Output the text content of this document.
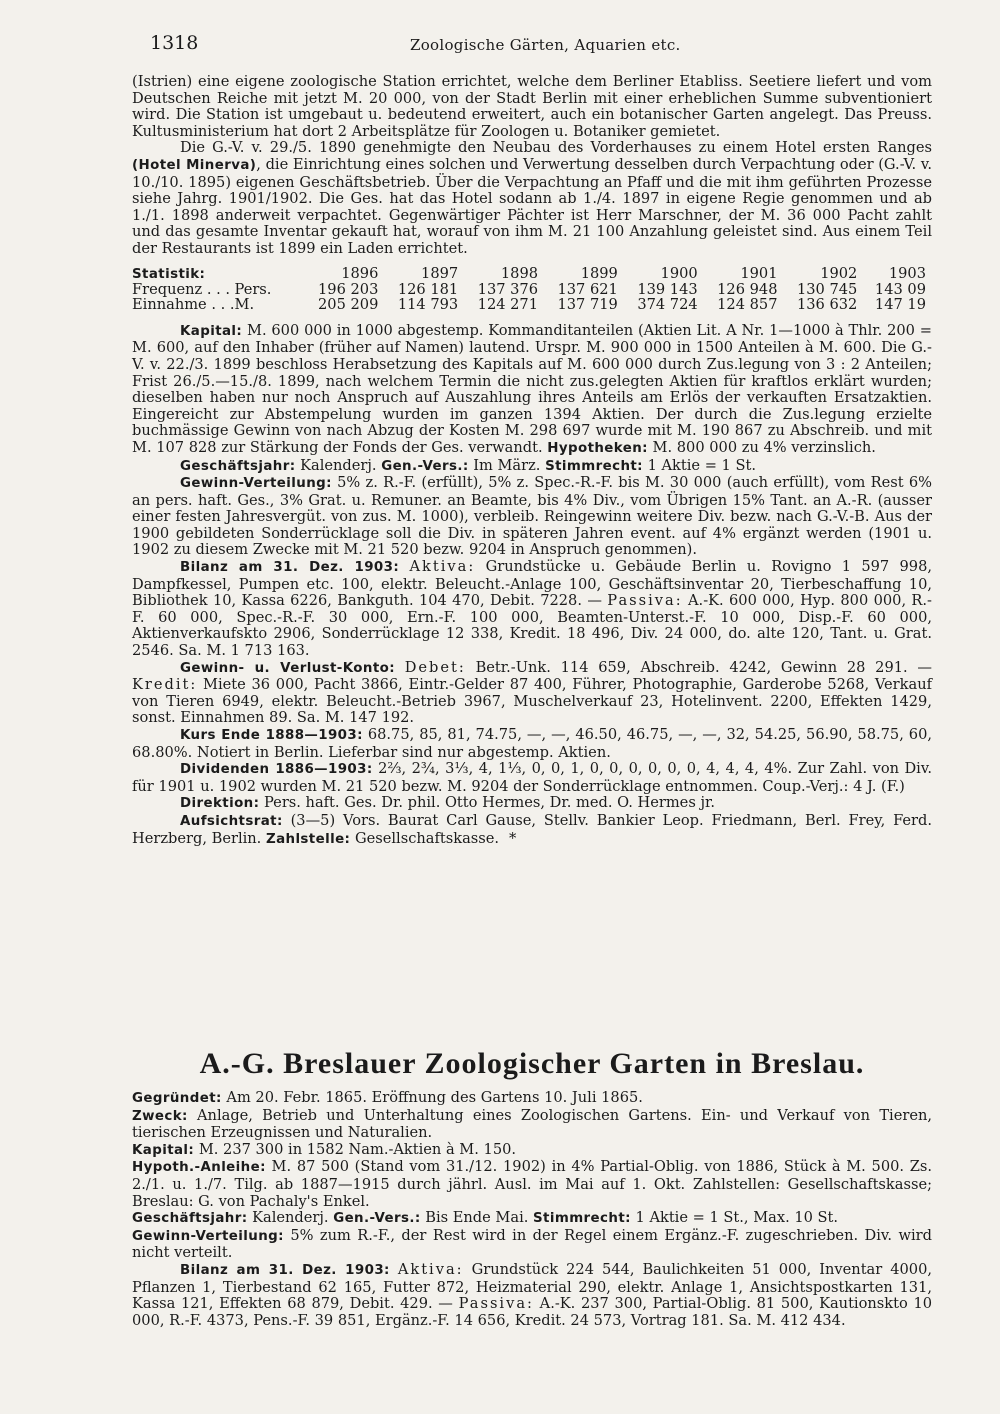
1318	Zoologische Gärten, Aquarien etc.

(Istrien) eine eigene zoologische Station errichtet, welche dem Berliner Etabliss. Seetiere liefert und vom Deutschen Reiche mit jetzt M. 20 000, von der Stadt Berlin mit einer erheblichen Summe subventioniert wird. Die Station ist umgebaut u. bedeutend erweitert, auch ein botanischer Garten angelegt. Das Preuss. Kultusministerium hat dort 2 Arbeitsplätze für Zoologen u. Botaniker gemietet.

Die G.-V. v. 29./5. 1890 genehmigte den Neubau des Vorderhauses zu einem Hotel ersten Ranges (Hotel Minerva), die Einrichtung eines solchen und Verwertung desselben durch Verpachtung oder (G.-V. v. 10./10. 1895) eigenen Geschäftsbetrieb. Über die Verpachtung an Pfaff und die mit ihm geführten Prozesse siehe Jahrg. 1901/1902. Die Ges. hat das Hotel sodann ab 1./4. 1897 in eigene Regie genommen und ab 1./1. 1898 anderweit verpachtet. Gegenwärtiger Pächter ist Herr Marschner, der M. 36 000 Pacht zahlt und das gesamte Inventar gekauft hat, worauf von ihm M. 21 100 Anzahlung geleistet sind. Aus einem Teil der Restaurants ist 1899 ein Laden errichtet.

Statistik:		1896	1897	1898	1899	1900	1901	1902	1903
Frequenz . . .	Pers.	196 203	126 181	137 376	137 621	139 143	126 948	130 745	143 09
Einnahme . . .	M.	205 209	114 793	124 271	137 719	374 724	124 857	136 632	147 19

Kapital: M. 600 000 in 1000 abgestemp. Kommanditanteilen (Aktien Lit. A Nr. 1—1000 à Thlr. 200 = M. 600, auf den Inhaber (früher auf Namen) lautend. Urspr. M. 900 000 in 1500 Anteilen à M. 600. Die G.-V. v. 22./3. 1899 beschloss Herabsetzung des Kapitals auf M. 600 000 durch Zus.legung von 3 : 2 Anteilen; Frist 26./5.—15./8. 1899, nach welchem Termin die nicht zus.gelegten Aktien für kraftlos erklärt wurden; dieselben haben nur noch Anspruch auf Auszahlung ihres Anteils am Erlös der verkauften Ersatzaktien. Eingereicht zur Abstempelung wurden im ganzen 1394 Aktien. Der durch die Zus.legung erzielte buchmässige Gewinn von nach Abzug der Kosten M. 298 697 wurde mit M. 190 867 zu Abschreib. und mit M. 107 828 zur Stärkung der Fonds der Ges. verwandt. Hypotheken: M. 800 000 zu 4% verzinslich.

Geschäftsjahr: Kalenderj. Gen.-Vers.: Im März. Stimmrecht: 1 Aktie = 1 St.

Gewinn-Verteilung: 5% z. R.-F. (erfüllt), 5% z. Spec.-R.-F. bis M. 30 000 (auch erfüllt), vom Rest 6% an pers. haft. Ges., 3% Grat. u. Remuner. an Beamte, bis 4% Div., vom Übrigen 15% Tant. an A.-R. (ausser einer festen Jahresvergüt. von zus. M. 1000), verbleib. Reingewinn weitere Div. bezw. nach G.-V.-B. Aus der 1900 gebildeten Sonderrücklage soll die Div. in späteren Jahren event. auf 4% ergänzt werden (1901 u. 1902 zu diesem Zwecke mit M. 21 520 bezw. 9204 in Anspruch genommen).

Bilanz am 31. Dez. 1903: Aktiva: Grundstücke u. Gebäude Berlin u. Rovigno 1 597 998, Dampfkessel, Pumpen etc. 100, elektr. Beleucht.-Anlage 100, Geschäftsinventar 20, Tierbeschaffung 10, Bibliothek 10, Kassa 6226, Bankguth. 104 470, Debit. 7228. — Passiva: A.-K. 600 000, Hyp. 800 000, R.-F. 60 000, Spec.-R.-F. 30 000, Ern.-F. 100 000, Beamten-Unterst.-F. 10 000, Disp.-F. 60 000, Aktienverkaufskto 2906, Sonderrücklage 12 338, Kredit. 18 496, Div. 24 000, do. alte 120, Tant. u. Grat. 2546. Sa. M. 1 713 163.

Gewinn- u. Verlust-Konto: Debet: Betr.-Unk. 114 659, Abschreib. 4242, Gewinn 28 291. — Kredit: Miete 36 000, Pacht 3866, Eintr.-Gelder 87 400, Führer, Photographie, Garderobe 5268, Verkauf von Tieren 6949, elektr. Beleucht.-Betrieb 3967, Muschelverkauf 23, Hotelinvent. 2200, Effekten 1429, sonst. Einnahmen 89. Sa. M. 147 192.

Kurs Ende 1888—1903: 68.75, 85, 81, 74.75, —, —, 46.50, 46.75, —, —, 32, 54.25, 56.90, 58.75, 60, 68.80%. Notiert in Berlin. Lieferbar sind nur abgestemp. Aktien.

Dividenden 1886—1903: 2⅔, 2¾, 3⅓, 4, 1⅓, 0, 0, 1, 0, 0, 0, 0, 0, 0, 4, 4, 4, 4%. Zur Zahl. von Div. für 1901 u. 1902 wurden M. 21 520 bezw. M. 9204 der Sonderrücklage entnommen. Coup.-Verj.: 4 J. (F.)

Direktion: Pers. haft. Ges. Dr. phil. Otto Hermes, Dr. med. O. Hermes jr.

Aufsichtsrat: (3—5) Vors. Baurat Carl Gause, Stellv. Bankier Leop. Friedmann, Berl. Frey, Ferd. Herzberg, Berlin. Zahlstelle: Gesellschaftskasse. *

A.-G. Breslauer Zoologischer Garten in Breslau.

Gegründet: Am 20. Febr. 1865. Eröffnung des Gartens 10. Juli 1865.

Zweck: Anlage, Betrieb und Unterhaltung eines Zoologischen Gartens. Ein- und Verkauf von Tieren, tierischen Erzeugnissen und Naturalien.

Kapital: M. 237 300 in 1582 Nam.-Aktien à M. 150.

Hypoth.-Anleihe: M. 87 500 (Stand vom 31./12. 1902) in 4% Partial-Oblig. von 1886, Stück à M. 500. Zs. 2./1. u. 1./7. Tilg. ab 1887—1915 durch jährl. Ausl. im Mai auf 1. Okt. Zahlstellen: Gesellschaftskasse; Breslau: G. von Pachaly's Enkel.

Geschäftsjahr: Kalenderj. Gen.-Vers.: Bis Ende Mai. Stimmrecht: 1 Aktie = 1 St., Max. 10 St.

Gewinn-Verteilung: 5% zum R.-F., der Rest wird in der Regel einem Ergänz.-F. zugeschrieben. Div. wird nicht verteilt.

Bilanz am 31. Dez. 1903: Aktiva: Grundstück 224 544, Baulichkeiten 51 000, Inventar 4000, Pflanzen 1, Tierbestand 62 165, Futter 872, Heizmaterial 290, elektr. Anlage 1, Ansichtspostkarten 131, Kassa 121, Effekten 68 879, Debit. 429. — Passiva: A.-K. 237 300, Partial-Oblig. 81 500, Kautionskto 10 000, R.-F. 4373, Pens.-F. 39 851, Ergänz.-F. 14 656, Kredit. 24 573, Vortrag 181. Sa. M. 412 434.
